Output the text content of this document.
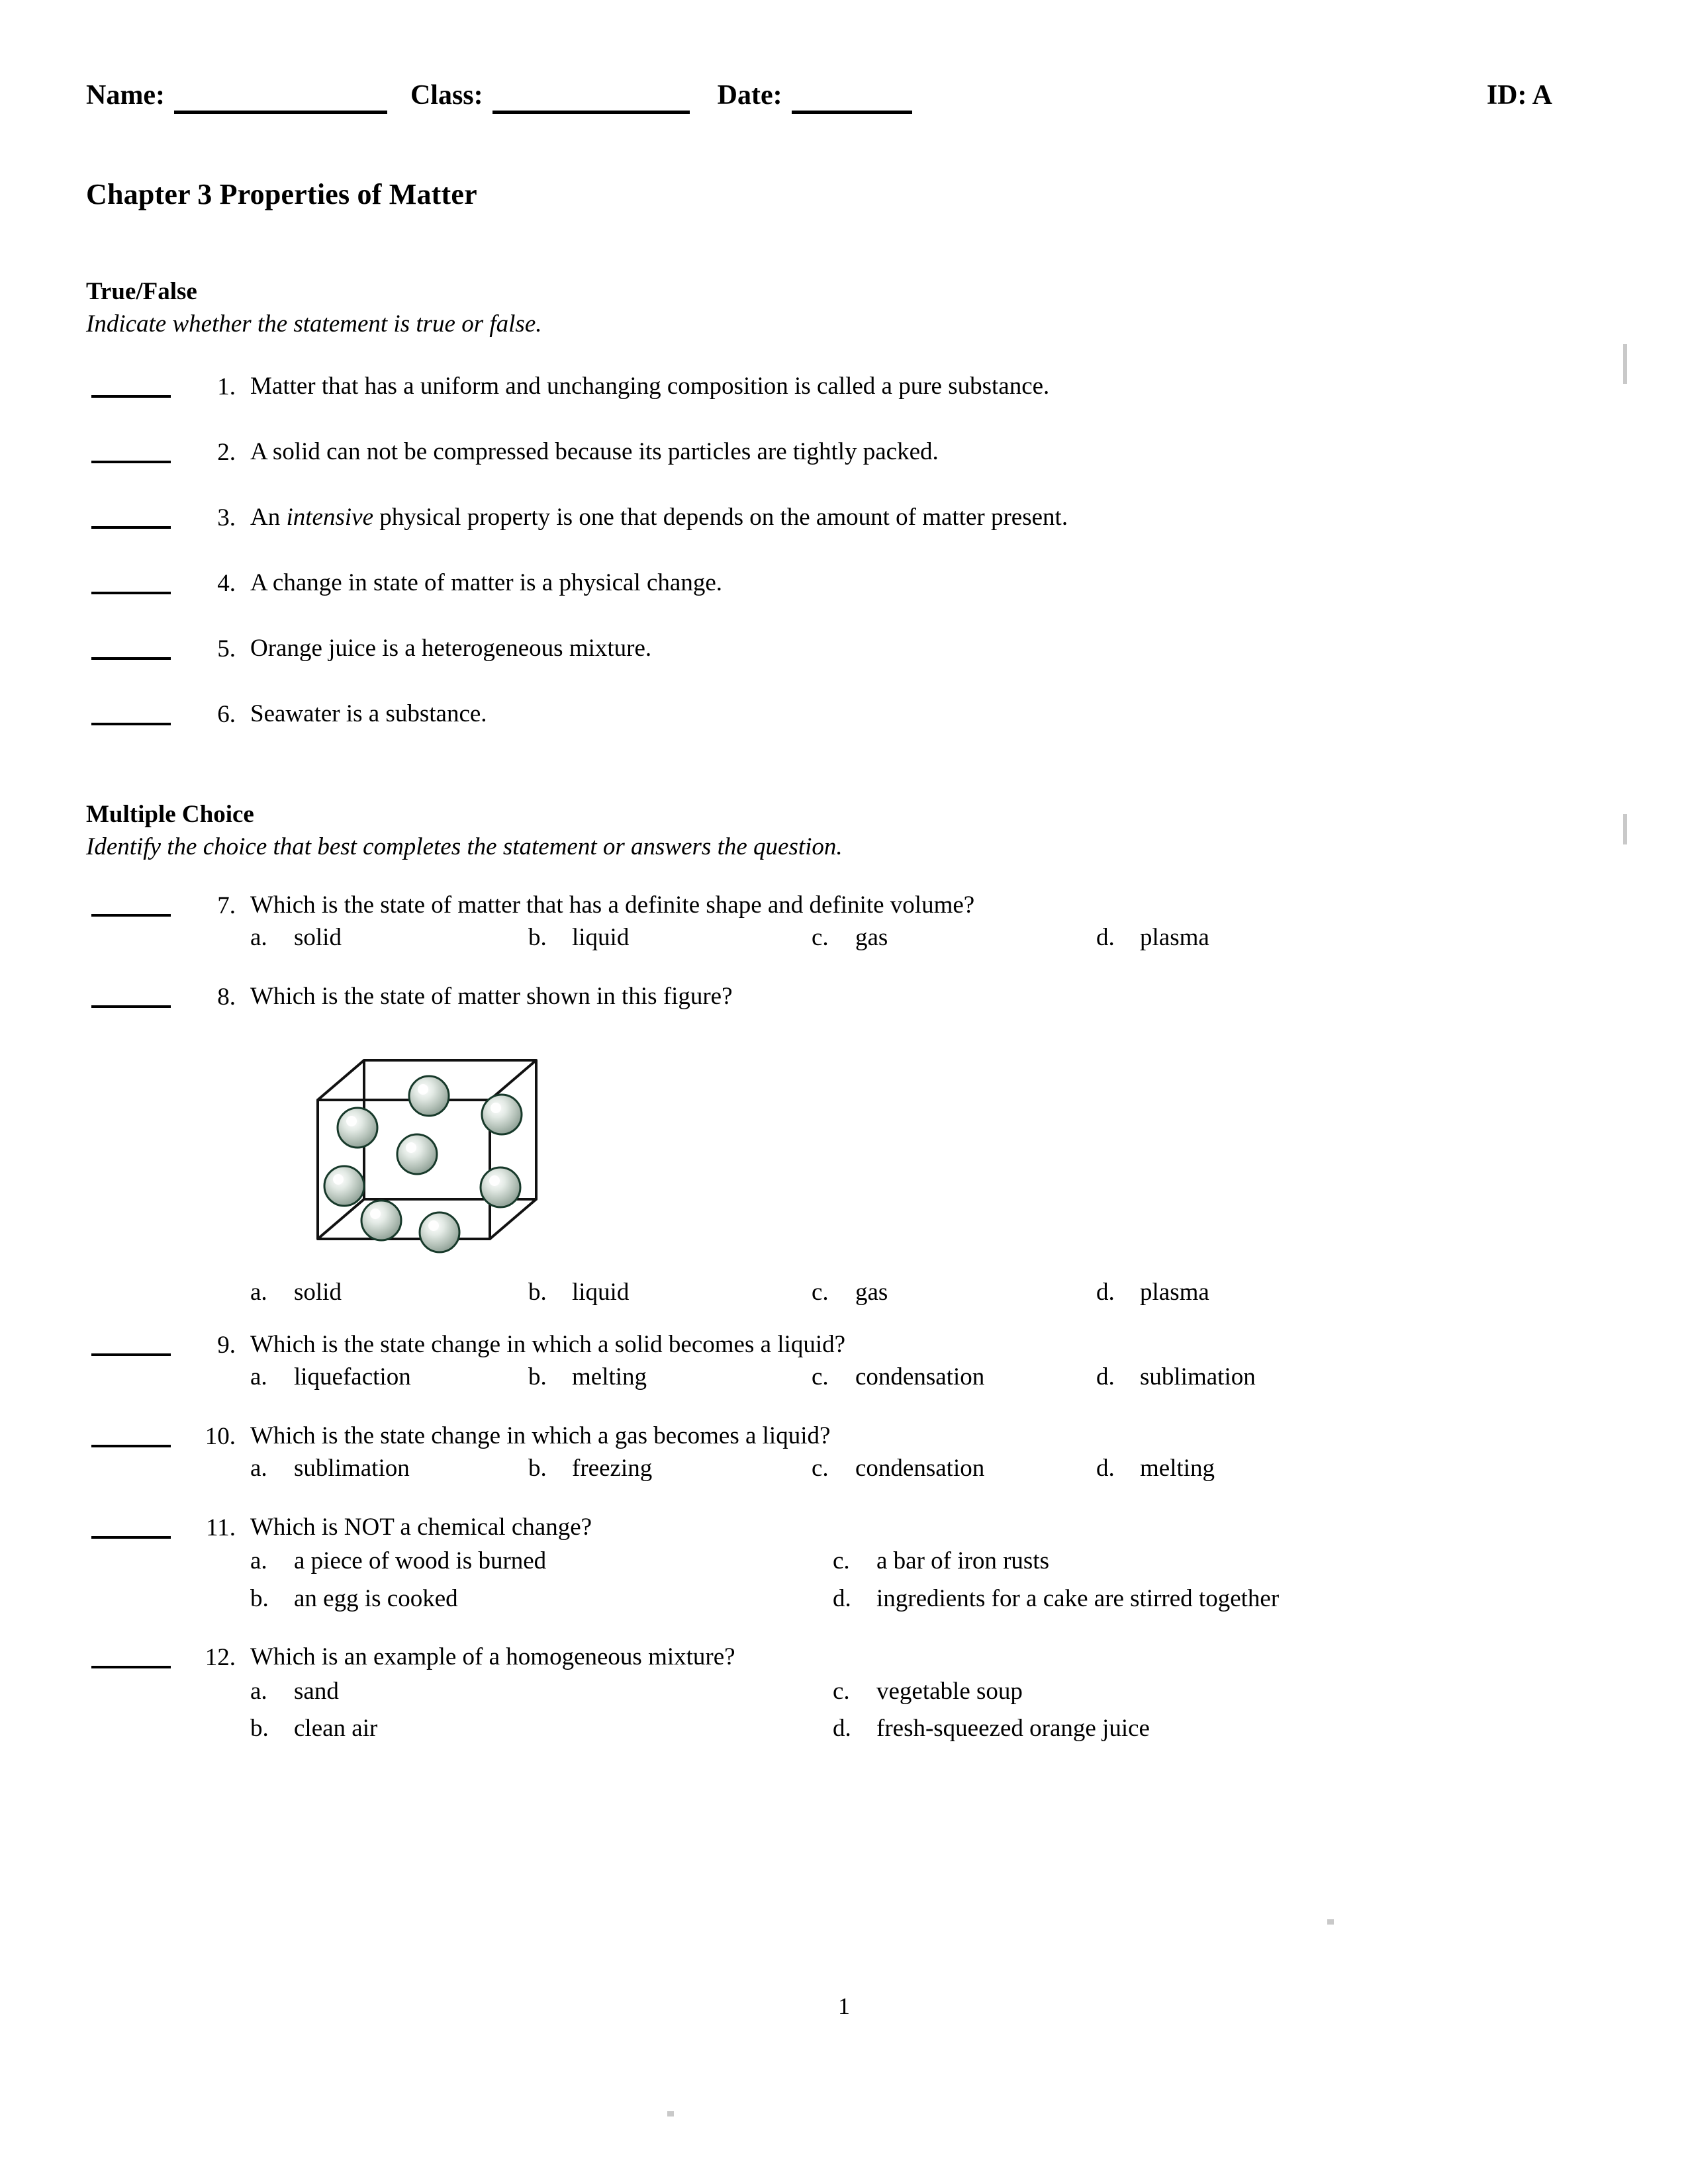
Name:	Class:	Date:	ID: A
Chapter 3 Properties of Matter
True/False
Indicate whether the statement is true or false.
1. Matter that has a uniform and unchanging composition is called a pure substance.
2. A solid can not be compressed because its particles are tightly packed.
3. An intensive physical property is one that depends on the amount of matter present.
4. A change in state of matter is a physical change.
5. Orange juice is a heterogeneous mixture.
6. Seawater is a substance.
Multiple Choice
Identify the choice that best completes the statement or answers the question.
7. Which is the state of matter that has a definite shape and definite volume?
a.	solid	b.	liquid	c.	gas	d.	plasma
8. Which is the state of matter shown in this figure?
a.	solid	b.	liquid	c.	gas	d.	plasma
9. Which is the state change in which a solid becomes a liquid?
a.	liquefaction	b.	melting	c.	condensation	d.	sublimation
10. Which is the state change in which a gas becomes a liquid?
a.	sublimation	b.	freezing	c.	condensation	d.	melting
11. Which is NOT a chemical change?
a.	a piece of wood is burned	c.	a bar of iron rusts
b.	an egg is cooked	d.	ingredients for a cake are stirred together
12. Which is an example of a homogeneous mixture?
a.	sand	c.	vegetable soup
b.	clean air	d.	fresh-squeezed orange juice
1
